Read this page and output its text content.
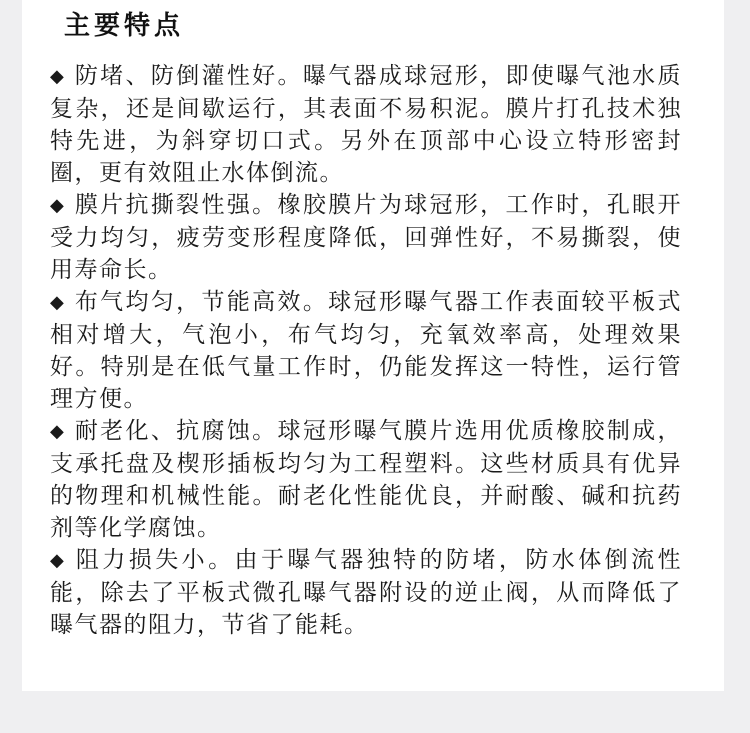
主要特点
◆ 防堵、防倒灌性好。曝气器成球冠形，即使曝气池水质复杂，还是间歇运行，其表面不易积泥。膜片打孔技术独特先进，为斜穿切口式。另外在顶部中心设立特形密封圈，更有效阻止水体倒流。
◆ 膜片抗撕裂性强。橡胶膜片为球冠形，工作时，孔眼开受力均匀，疲劳变形程度降低，回弹性好，不易撕裂，使用寿命长。
◆ 布气均匀，节能高效。球冠形曝气器工作表面较平板式相对增大，气泡小，布气均匀，充氧效率高，处理效果好。特别是在低气量工作时，仍能发挥这一特性，运行管理方便。
◆ 耐老化、抗腐蚀。球冠形曝气膜片选用优质橡胶制成，支承托盘及楔形插板均匀为工程塑料。这些材质具有优异的物理和机械性能。耐老化性能优良，并耐酸、碱和抗药剂等化学腐蚀。
◆ 阻力损失小。由于曝气器独特的防堵，防水体倒流性能，除去了平板式微孔曝气器附设的逆止阀，从而降低了曝气器的阻力，节省了能耗。
